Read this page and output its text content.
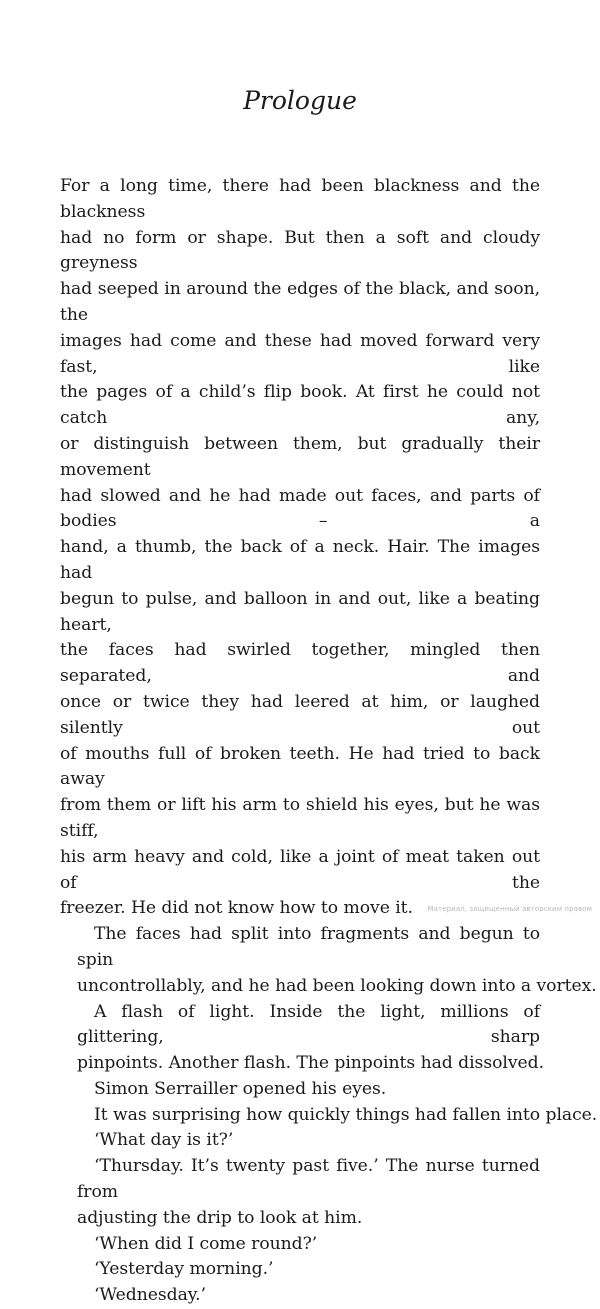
Prologue
For a long time, there had been blackness and the blackness
had no form or shape. But then a soft and cloudy greyness
had seeped in around the edges of the black, and soon, the
images had come and these had moved forward very fast, like
the pages of a child’s flip book. At first he could not catch any,
or distinguish between them, but gradually their movement
had slowed and he had made out faces, and parts of bodies – a
hand, a thumb, the back of a neck. Hair. The images had
begun to pulse, and balloon in and out, like a beating heart,
the faces had swirled together, mingled then separated, and
once or twice they had leered at him, or laughed silently out
of mouths full of broken teeth. He had tried to back away
from them or lift his arm to shield his eyes, but he was stiff,
his arm heavy and cold, like a joint of meat taken out of the
freezer. He did not know how to move it.
The faces had split into fragments and begun to spin
uncontrollably, and he had been looking down into a vortex.
A flash of light. Inside the light, millions of glittering, sharp
pinpoints. Another flash. The pinpoints had dissolved.
Simon Serrailler opened his eyes.
It was surprising how quickly things had fallen into place.
‘What day is it?’
‘Thursday. It’s twenty past five.’ The nurse turned from
adjusting the drip to look at him.
‘When did I come round?’
‘Yesterday morning.’
‘Wednesday.’
Материал, защищенный авторским правом
